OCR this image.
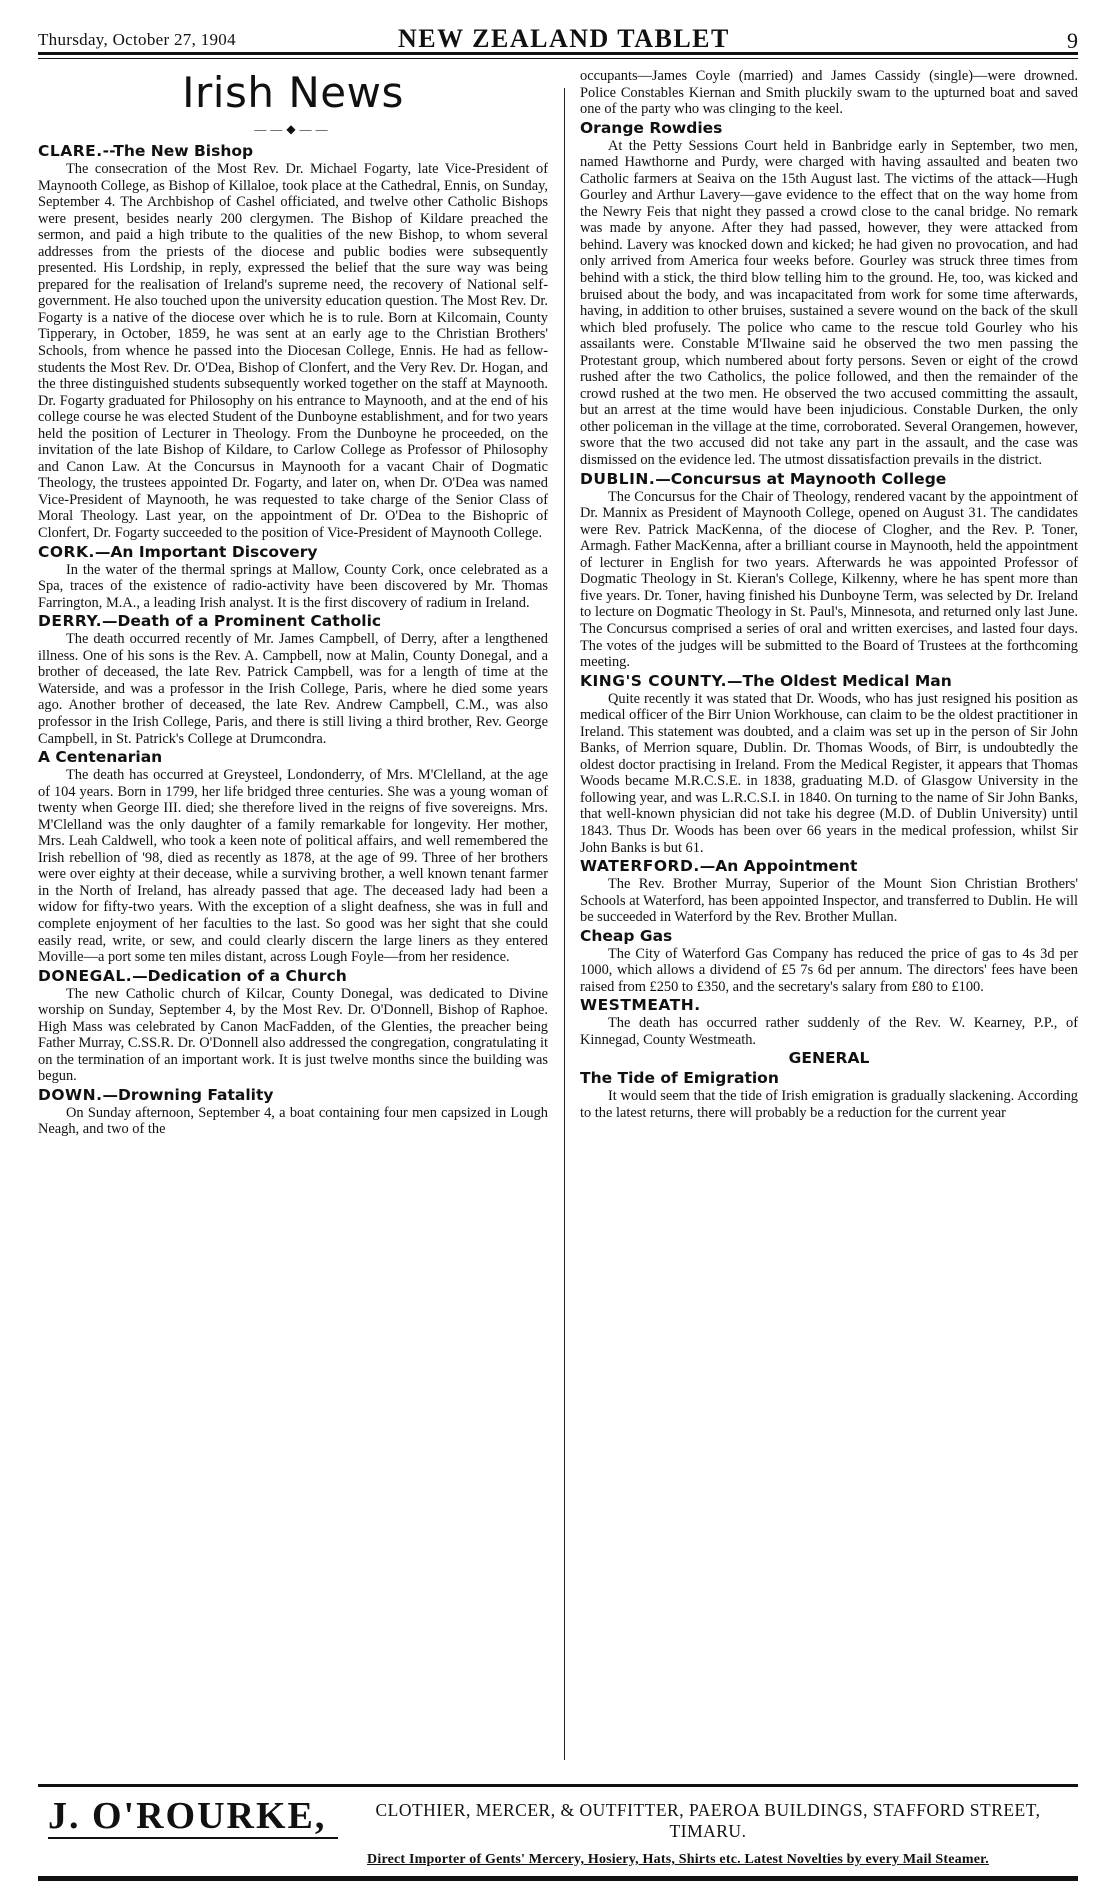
Thursday, October 27, 1904	NEW ZEALAND TABLET	9
Irish News
——◆——
CLARE.--The New Bishop

The consecration of the Most Rev. Dr. Michael Fogarty, late Vice-President of Maynooth College, as Bishop of Killaloe, took place at the Cathedral, Ennis, on Sunday, September 4. The Archbishop of Cashel officiated, and twelve other Catholic Bishops were present, besides nearly 200 clergymen. The Bishop of Kildare preached the sermon, and paid a high tribute to the qualities of the new Bishop, to whom several addresses from the priests of the diocese and public bodies were subsequently presented. His Lordship, in reply, expressed the belief that the sure way was being prepared for the realisation of Ireland's supreme need, the recovery of National self-government. He also touched upon the university education question. The Most Rev. Dr. Fogarty is a native of the diocese over which he is to rule. Born at Kilcomain, County Tipperary, in October, 1859, he was sent at an early age to the Christian Brothers' Schools, from whence he passed into the Diocesan College, Ennis. He had as fellow-students the Most Rev. Dr. O'Dea, Bishop of Clonfert, and the Very Rev. Dr. Hogan, and the three distinguished students subsequently worked together on the staff at Maynooth. Dr. Fogarty graduated for Philosophy on his entrance to Maynooth, and at the end of his college course he was elected Student of the Dunboyne establishment, and for two years held the position of Lecturer in Theology. From the Dunboyne he proceeded, on the invitation of the late Bishop of Kildare, to Carlow College as Professor of Philosophy and Canon Law. At the Concursus in Maynooth for a vacant Chair of Dogmatic Theology, the trustees appointed Dr. Fogarty, and later on, when Dr. O'Dea was named Vice-President of Maynooth, he was requested to take charge of the Senior Class of Moral Theology. Last year, on the appointment of Dr. O'Dea to the Bishopric of Clonfert, Dr. Fogarty succeeded to the position of Vice-President of Maynooth College.

CORK.—An Important Discovery

In the water of the thermal springs at Mallow, County Cork, once celebrated as a Spa, traces of the existence of radio-activity have been discovered by Mr. Thomas Farrington, M.A., a leading Irish analyst. It is the first discovery of radium in Ireland.

DERRY.—Death of a Prominent Catholic

The death occurred recently of Mr. James Campbell, of Derry, after a lengthened illness. One of his sons is the Rev. A. Campbell, now at Malin, County Donegal, and a brother of deceased, the late Rev. Patrick Campbell, was for a length of time at the Waterside, and was a professor in the Irish College, Paris, where he died some years ago. Another brother of deceased, the late Rev. Andrew Campbell, C.M., was also professor in the Irish College, Paris, and there is still living a third brother, Rev. George Campbell, in St. Patrick's College at Drumcondra.

A Centenarian

The death has occurred at Greysteel, Londonderry, of Mrs. M'Clelland, at the age of 104 years. Born in 1799, her life bridged three centuries. She was a young woman of twenty when George III. died; she therefore lived in the reigns of five sovereigns. Mrs. M'Clelland was the only daughter of a family remarkable for longevity. Her mother, Mrs. Leah Caldwell, who took a keen note of political affairs, and well remembered the Irish rebellion of '98, died as recently as 1878, at the age of 99. Three of her brothers were over eighty at their decease, while a surviving brother, a well known tenant farmer in the North of Ireland, has already passed that age. The deceased lady had been a widow for fifty-two years. With the exception of a slight deafness, she was in full and complete enjoyment of her faculties to the last. So good was her sight that she could easily read, write, or sew, and could clearly discern the large liners as they entered Moville—a port some ten miles distant, across Lough Foyle—from her residence.

DONEGAL.—Dedication of a Church

The new Catholic church of Kilcar, County Donegal, was dedicated to Divine worship on Sunday, September 4, by the Most Rev. Dr. O'Donnell, Bishop of Raphoe. High Mass was celebrated by Canon MacFadden, of the Glenties, the preacher being Father Murray, C.SS.R. Dr. O'Donnell also addressed the congregation, congratulating it on the termination of an important work. It is just twelve months since the building was begun.

DOWN.—Drowning Fatality

On Sunday afternoon, September 4, a boat containing four men capsized in Lough Neagh, and two of the

occupants—James Coyle (married) and James Cassidy (single)—were drowned. Police Constables Kiernan and Smith pluckily swam to the upturned boat and saved one of the party who was clinging to the keel.

Orange Rowdies

At the Petty Sessions Court held in Banbridge early in September, two men, named Hawthorne and Purdy, were charged with having assaulted and beaten two Catholic farmers at Seaiva on the 15th August last. The victims of the attack—Hugh Gourley and Arthur Lavery—gave evidence to the effect that on the way home from the Newry Feis that night they passed a crowd close to the canal bridge. No remark was made by anyone. After they had passed, however, they were attacked from behind. Lavery was knocked down and kicked; he had given no provocation, and had only arrived from America four weeks before. Gourley was struck three times from behind with a stick, the third blow telling him to the ground. He, too, was kicked and bruised about the body, and was incapacitated from work for some time afterwards, having, in addition to other bruises, sustained a severe wound on the back of the skull which bled profusely. The police who came to the rescue told Gourley who his assailants were. Constable M'Ilwaine said he observed the two men passing the Protestant group, which numbered about forty persons. Seven or eight of the crowd rushed after the two Catholics, the police followed, and then the remainder of the crowd rushed at the two men. He observed the two accused committing the assault, but an arrest at the time would have been injudicious. Constable Durken, the only other policeman in the village at the time, corroborated. Several Orangemen, however, swore that the two accused did not take any part in the assault, and the case was dismissed on the evidence led. The utmost dissatisfaction prevails in the district.

DUBLIN.—Concursus at Maynooth College

The Concursus for the Chair of Theology, rendered vacant by the appointment of Dr. Mannix as President of Maynooth College, opened on August 31. The candidates were Rev. Patrick MacKenna, of the diocese of Clogher, and the Rev. P. Toner, Armagh. Father MacKenna, after a brilliant course in Maynooth, held the appointment of lecturer in English for two years. Afterwards he was appointed Professor of Dogmatic Theology in St. Kieran's College, Kilkenny, where he has spent more than five years. Dr. Toner, having finished his Dunboyne Term, was selected by Dr. Ireland to lecture on Dogmatic Theology in St. Paul's, Minnesota, and returned only last June. The Concursus comprised a series of oral and written exercises, and lasted four days. The votes of the judges will be submitted to the Board of Trustees at the forthcoming meeting.

KING'S COUNTY.—The Oldest Medical Man

Quite recently it was stated that Dr. Woods, who has just resigned his position as medical officer of the Birr Union Workhouse, can claim to be the oldest practitioner in Ireland. This statement was doubted, and a claim was set up in the person of Sir John Banks, of Merrion square, Dublin. Dr. Thomas Woods, of Birr, is undoubtedly the oldest doctor practising in Ireland. From the Medical Register, it appears that Thomas Woods became M.R.C.S.E. in 1838, graduating M.D. of Glasgow University in the following year, and was L.R.C.S.I. in 1840. On turning to the name of Sir John Banks, that well-known physician did not take his degree (M.D. of Dublin University) until 1843. Thus Dr. Woods has been over 66 years in the medical profession, whilst Sir John Banks is but 61.

WATERFORD.—An Appointment

The Rev. Brother Murray, Superior of the Mount Sion Christian Brothers' Schools at Waterford, has been appointed Inspector, and transferred to Dublin. He will be succeeded in Waterford by the Rev. Brother Mullan.

Cheap Gas

The City of Waterford Gas Company has reduced the price of gas to 4s 3d per 1000, which allows a dividend of £5 7s 6d per annum. The directors' fees have been raised from £250 to £350, and the secretary's salary from £80 to £100.

WESTMEATH.

The death has occurred rather suddenly of the Rev. W. Kearney, P.P., of Kinnegad, County Westmeath.

GENERAL
The Tide of Emigration

It would seem that the tide of Irish emigration is gradually slackening. According to the latest returns, there will probably be a reduction for the current year

J. O'ROURKE,	CLOTHIER, MERCER, & OUTFITTER, PAEROA BUILDINGS, STAFFORD STREET, TIMARU.
Direct Importer of Gents' Mercery, Hosiery, Hats, Shirts etc. Latest Novelties by every Mail Steamer.
